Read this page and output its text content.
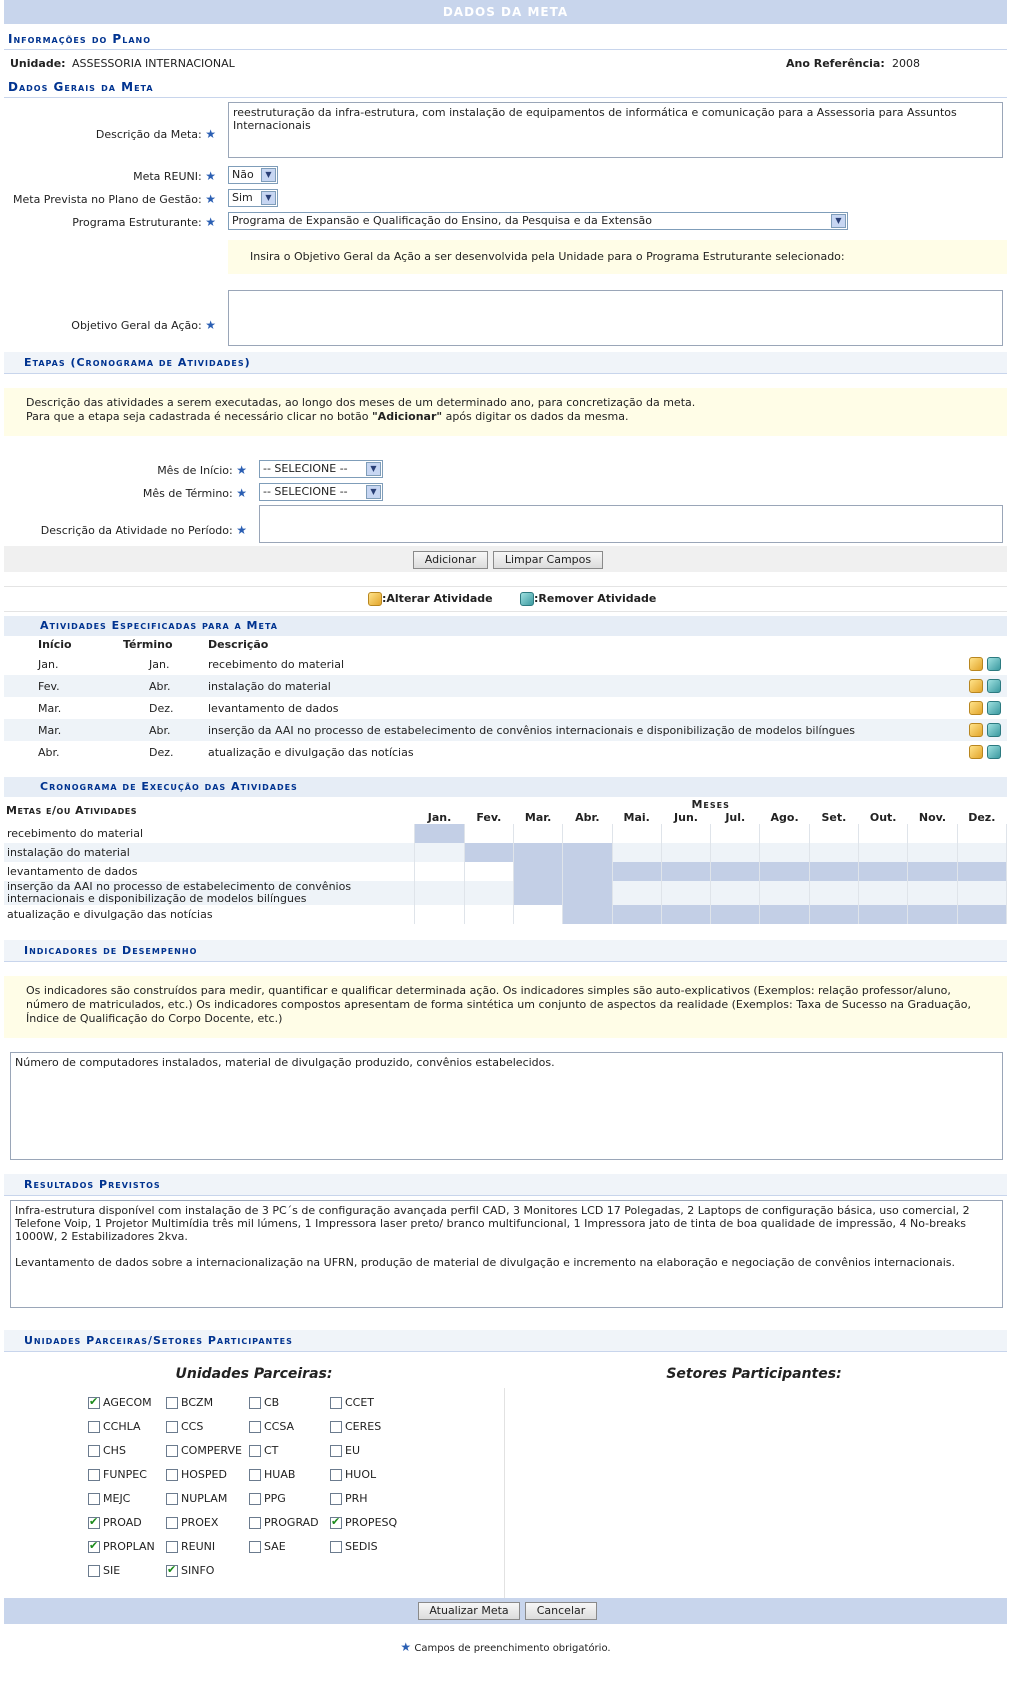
DADOS DA META
Informações do Plano
Unidade: ASSESSORIA INTERNACIONAL	Ano Referência: 2008
Dados Gerais da Meta
Descrição da Meta: ★
reestruturação da infra-estrutura, com instalação de equipamentos de informática e comunicação para a Assessoria para Assuntos Internacionais
Meta REUNI: ★	Não	▼
Meta Prevista no Plano de Gestão: ★	Sim	▼
Programa Estruturante: ★	Programa de Expansão e Qualificação do Ensino, da Pesquisa e da Extensão	▼
Insira o Objetivo Geral da Ação a ser desenvolvida pela Unidade para o Programa Estruturante selecionado:
Objetivo Geral da Ação: ★
Etapas (Cronograma de Atividades)
Descrição das atividades a serem executadas, ao longo dos meses de um determinado ano, para concretização da meta.
Para que a etapa seja cadastrada é necessário clicar no botão "Adicionar" após digitar os dados da mesma.
Mês de Início: ★	-- SELECIONE --	▼
Mês de Término: ★	-- SELECIONE --	▼
Descrição da Atividade no Período: ★
Adicionar	Limpar Campos
:Alterar Atividade	:Remover Atividade
Atividades Especificadas para a Meta
Início	Término	Descrição	
Jan.	Jan.	recebimento do material	
Fev.	Abr.	instalação do material	
Mar.	Dez.	levantamento de dados	
Mar.	Abr.	inserção da AAI no processo de estabelecimento de convênios internacionais e disponibilização de modelos bilíngues	
Abr.	Dez.	atualização e divulgação das notícias	
Cronograma de Execução das Atividades
Metas e/ou Atividades	Meses											
	Jan.	Fev.	Mar.	Abr.	Mai.	Jun.	Jul.	Ago.	Set.	Out.	Nov.	Dez.
recebimento do material												
instalação do material												
levantamento de dados												
inserção da AAI no processo de estabelecimento de convênios internacionais e disponibilização de modelos bilíngues												
atualização e divulgação das notícias												
Indicadores de Desempenho
Os indicadores são construídos para medir, quantificar e qualificar determinada ação. Os indicadores simples são auto-explicativos (Exemplos: relação professor/aluno, número de matriculados, etc.) Os indicadores compostos apresentam de forma sintética um conjunto de aspectos da realidade (Exemplos: Taxa de Sucesso na Graduação, Índice de Qualificação do Corpo Docente, etc.)
Número de computadores instalados, material de divulgação produzido, convênios estabelecidos.
Resultados Previstos
Infra-estrutura disponível com instalação de 3 PC´s de configuração avançada perfil CAD, 3 Monitores LCD 17 Polegadas, 2 Laptops de configuração básica, uso comercial, 2 Telefone Voip, 1 Projetor Multimídia três mil lúmens, 1 Impressora laser preto/ branco multifuncional, 1 Impressora jato de tinta de boa qualidade de impressão, 4 No-breaks 1000W, 2 Estabilizadores 2kva.
Levantamento de dados sobre a internacionalização na UFRN, produção de material de divulgação e incremento na elaboração e negociação de convênios internacionais.
Unidades Parceiras/Setores Participantes
Unidades Parceiras:	Setores Participantes:
✔AGECOM	BCZM	CB	CCET
CCHLA	CCS	CCSA	CERES
CHS	COMPERVE	CT	EU
FUNPEC	HOSPED	HUAB	HUOL
MEJC	NUPLAM	PPG	PRH
✔PROAD	PROEX	PROGRAD ✔	PROPESQ
✔PROPLAN	REUNI	SAE	SEDIS
SIE ✔	SINFO
Atualizar Meta	Cancelar
★ Campos de preenchimento obrigatório.
